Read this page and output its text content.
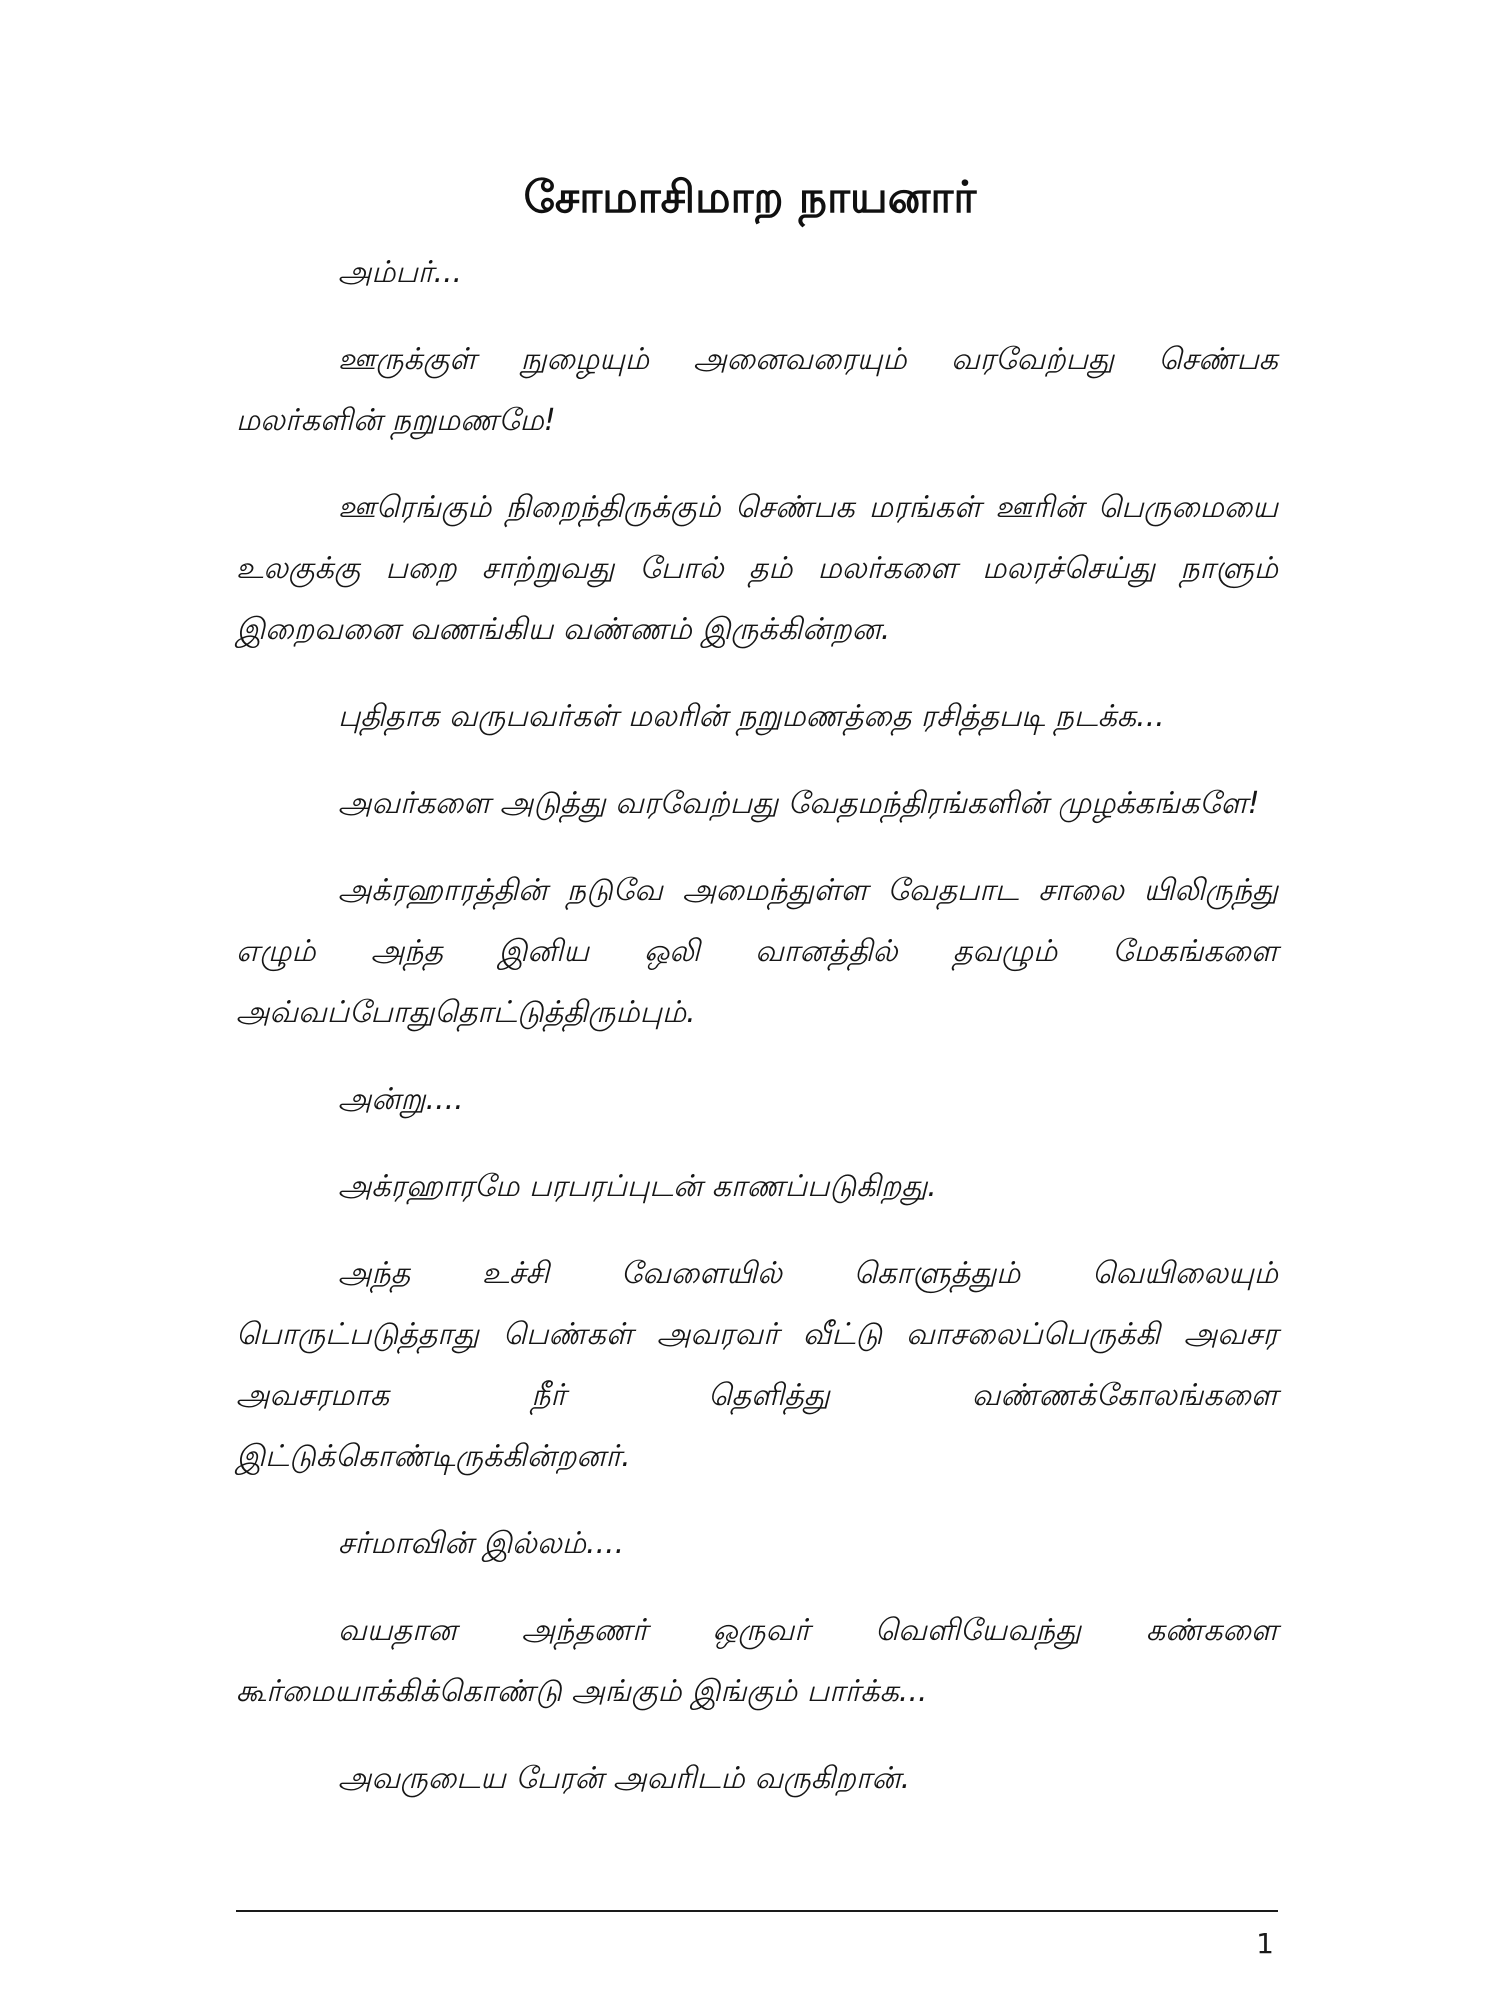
சோமாசிமாற நாயனார்

அம்பர்...

ஊருக்குள் நுழையும் அனைவரையும் வரவேற்பது செண்பக மலர்களின் நறுமணமே!

ஊரெங்கும் நிறைந்திருக்கும் செண்பக மரங்கள் ஊரின் பெருமையை உலகுக்கு பறை சாற்றுவது போல் தம் மலர்களை மலரச்செய்து நாளும் இறைவனை வணங்கிய வண்ணம் இருக்கின்றன.

புதிதாக வருபவர்கள் மலரின் நறுமணத்தை ரசித்தபடி நடக்க...

அவர்களை அடுத்து வரவேற்பது வேதமந்திரங்களின் முழக்கங்களே!

அக்ரஹாரத்தின் நடுவே அமைந்துள்ள வேதபாட சாலை யிலிருந்து எழும் அந்த இனிய ஒலி வானத்தில் தவழும் மேகங்களை அவ்வப்போதுதொட்டுத்திரும்பும்.

அன்று....

அக்ரஹாரமே பரபரப்புடன் காணப்படுகிறது.

அந்த உச்சி வேளையில் கொளுத்தும் வெயிலையும் பொருட்படுத்தாது பெண்கள் அவரவர் வீட்டு வாசலைப்பெருக்கி அவசர அவசரமாக நீர் தெளித்து வண்ணக்கோலங்களை இட்டுக்கொண்டிருக்கின்றனர்.

சர்மாவின் இல்லம்....

வயதான அந்தணர் ஒருவர் வெளியேவந்து கண்களை கூர்மையாக்கிக்கொண்டு அங்கும் இங்கும் பார்க்க...

அவருடைய பேரன் அவரிடம் வருகிறான்.

1
